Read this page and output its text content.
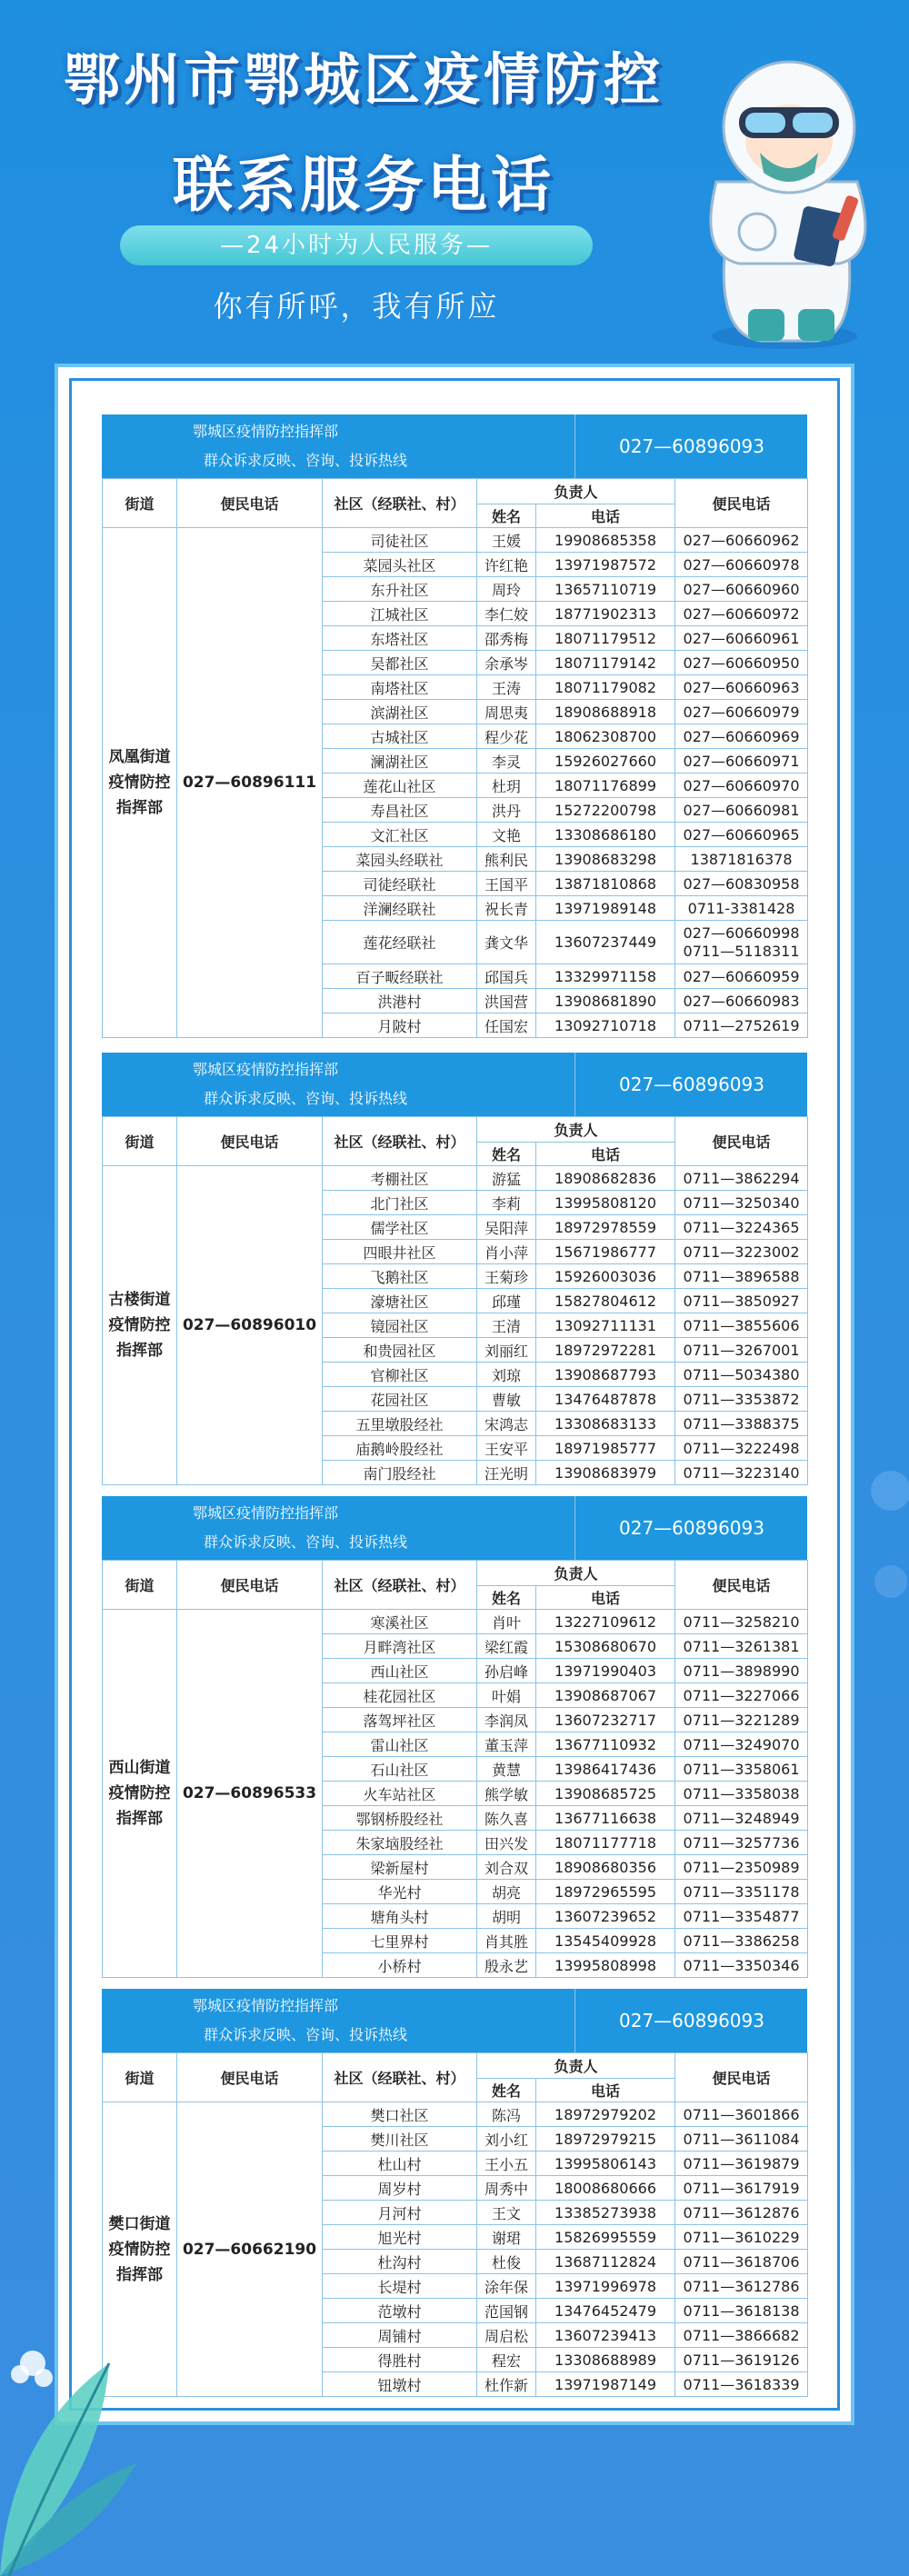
鄂州市鄂城区疫情防控
联系服务电话
—24小时为人民服务—
你有所呼，我有所应
鄂城区疫情防控指挥部
群众诉求反映、咨询、投诉热线
027—60896093
街道	便民电话	社区（经联社、村）	负责人		便民电话
			姓名	电话	
凤凰街道
疫情防控
指挥部	027—60896111	司徒社区	王媛	19908685358	027—60660962
		菜园头社区	许红艳	13971987572	027—60660978
		东升社区	周玲	13657110719	027—60660960
		江城社区	李仁姣	18771902313	027—60660972
		东塔社区	邵秀梅	18071179512	027—60660961
		吴都社区	余承岑	18071179142	027—60660950
		南塔社区	王涛	18071179082	027—60660963
		滨湖社区	周思夷	18908688918	027—60660979
		古城社区	程少花	18062308700	027—60660969
		澜湖社区	李灵	15926027660	027—60660971
		莲花山社区	杜玥	18071176899	027—60660970
		寿昌社区	洪丹	15272200798	027—60660981
		文汇社区	文艳	13308686180	027—60660965
		菜园头经联社	熊利民	13908683298	13871816378
		司徒经联社	王国平	13871810868	027—60830958
		洋澜经联社	祝长青	13971989148	0711-3381428
		莲花经联社	龚文华	13607237449	027—60660998
0711—5118311
		百子畈经联社	邱国兵	13329971158	027—60660959
		洪港村	洪国营	13908681890	027—60660983
		月陂村	任国宏	13092710718	0711—2752619
鄂城区疫情防控指挥部
群众诉求反映、咨询、投诉热线
027—60896093
街道	便民电话	社区（经联社、村）	负责人		便民电话
			姓名	电话	
古楼街道
疫情防控
指挥部	027—60896010	考棚社区	游猛	18908682836	0711—3862294
		北门社区	李莉	13995808120	0711—3250340
		儒学社区	吴阳萍	18972978559	0711—3224365
		四眼井社区	肖小萍	15671986777	0711—3223002
		飞鹅社区	王菊珍	15926003036	0711—3896588
		濠塘社区	邱瑾	15827804612	0711—3850927
		镜园社区	王清	13092711131	0711—3855606
		和贵园社区	刘丽红	18972972281	0711—3267001
		官柳社区	刘琼	13908687793	0711—5034380
		花园社区	曹敏	13476487878	0711—3353872
		五里墩股经社	宋鸿志	13308683133	0711—3388375
		庙鹅岭股经社	王安平	18971985777	0711—3222498
		南门股经社	汪光明	13908683979	0711—3223140
鄂城区疫情防控指挥部
群众诉求反映、咨询、投诉热线
027—60896093
街道	便民电话	社区（经联社、村）	负责人		便民电话
			姓名	电话	
西山街道
疫情防控
指挥部	027—60896533	寒溪社区	肖叶	13227109612	0711—3258210
		月畔湾社区	梁红霞	15308680670	0711—3261381
		西山社区	孙启峰	13971990403	0711—3898990
		桂花园社区	叶娟	13908687067	0711—3227066
		落驾坪社区	李润凤	13607232717	0711—3221289
		雷山社区	董玉萍	13677110932	0711—3249070
		石山社区	黄慧	13986417436	0711—3358061
		火车站社区	熊学敏	13908685725	0711—3358038
		鄂钢桥股经社	陈久喜	13677116638	0711—3248949
		朱家垴股经社	田兴发	18071177718	0711—3257736
		梁新屋村	刘合双	18908680356	0711—2350989
		华光村	胡亮	18972965595	0711—3351178
		塘角头村	胡明	13607239652	0711—3354877
		七里界村	肖其胜	13545409928	0711—3386258
		小桥村	殷永艺	13995808998	0711—3350346
鄂城区疫情防控指挥部
群众诉求反映、咨询、投诉热线
027—60896093
街道	便民电话	社区（经联社、村）	负责人		便民电话
			姓名	电话	
樊口街道
疫情防控
指挥部	027—60662190	樊口社区	陈冯	18972979202	0711—3601866
		樊川社区	刘小红	18972979215	0711—3611084
		杜山村	王小五	13995806143	0711—3619879
		周岁村	周秀中	18008680666	0711—3617919
		月河村	王文	13385273938	0711—3612876
		旭光村	谢珺	15826995559	0711—3610229
		杜沟村	杜俊	13687112824	0711—3618706
		长堤村	涂年保	13971996978	0711—3612786
		范墩村	范国钢	13476452479	0711—3618138
		周铺村	周启松	13607239413	0711—3866682
		得胜村	程宏	13308688989	0711—3619126
		钮墩村	杜作新	13971987149	0711—3618339
